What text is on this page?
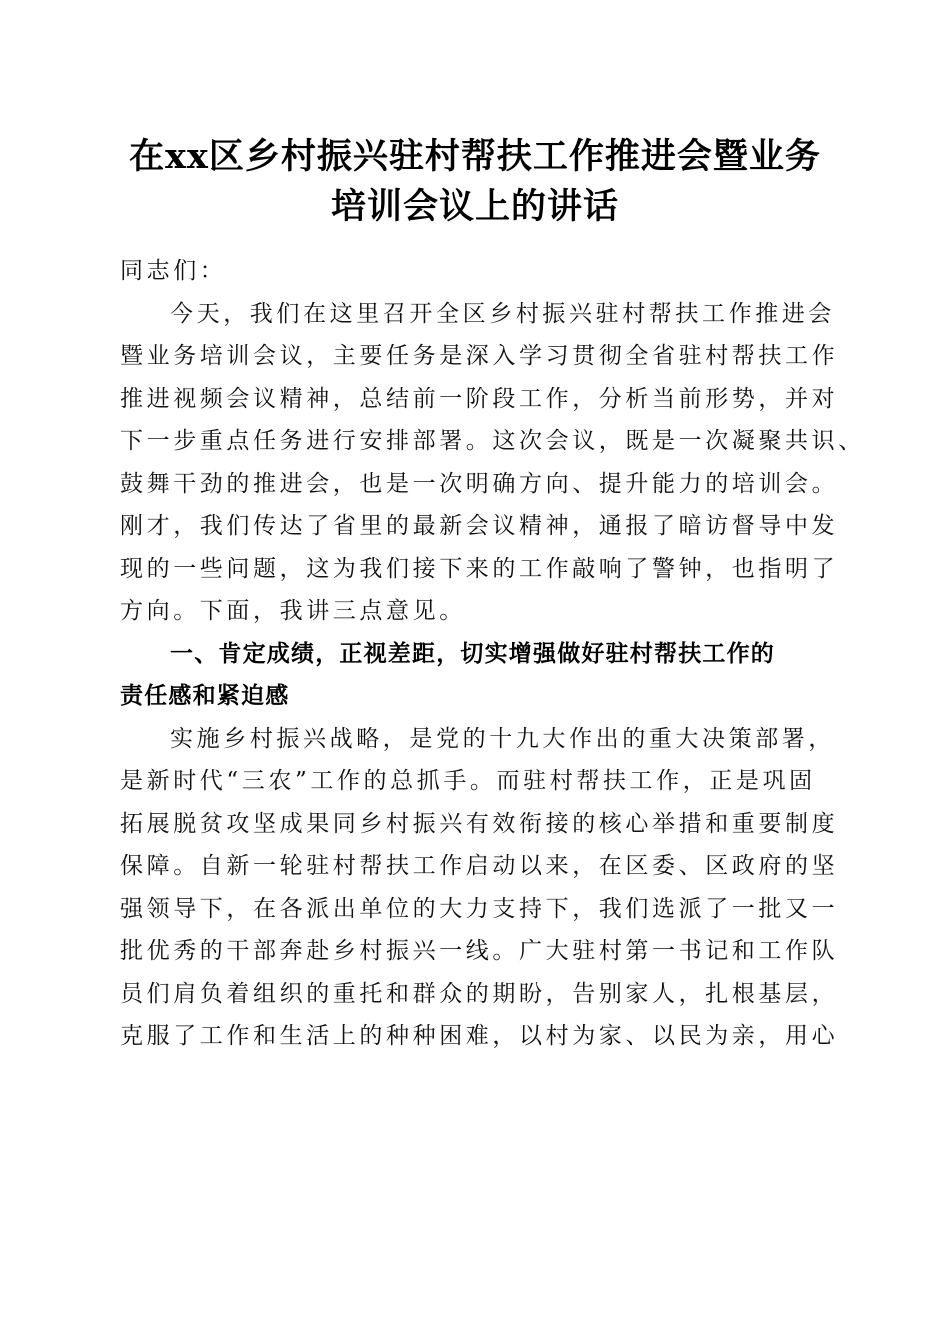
在xx区乡村振兴驻村帮扶工作推进会暨业务
培训会议上的讲话
同志们：
今天，我们在这里召开全区乡村振兴驻村帮扶工作推进会
暨业务培训会议，主要任务是深入学习贯彻全省驻村帮扶工作
推进视频会议精神，总结前一阶段工作，分析当前形势，并对
下一步重点任务进行安排部署。这次会议，既是一次凝聚共识、
鼓舞干劲的推进会，也是一次明确方向、提升能力的培训会。
刚才，我们传达了省里的最新会议精神，通报了暗访督导中发
现的一些问题，这为我们接下来的工作敲响了警钟，也指明了
方向。下面，我讲三点意见。
一、肯定成绩，正视差距，切实增强做好驻村帮扶工作的
责任感和紧迫感
实施乡村振兴战略，是党的十九大作出的重大决策部署，
是新时代“三农”工作的总抓手。而驻村帮扶工作，正是巩固
拓展脱贫攻坚成果同乡村振兴有效衔接的核心举措和重要制度
保障。自新一轮驻村帮扶工作启动以来，在区委、区政府的坚
强领导下，在各派出单位的大力支持下，我们选派了一批又一
批优秀的干部奔赴乡村振兴一线。广大驻村第一书记和工作队
员们肩负着组织的重托和群众的期盼，告别家人，扎根基层，
克服了工作和生活上的种种困难，以村为家、以民为亲，用心
